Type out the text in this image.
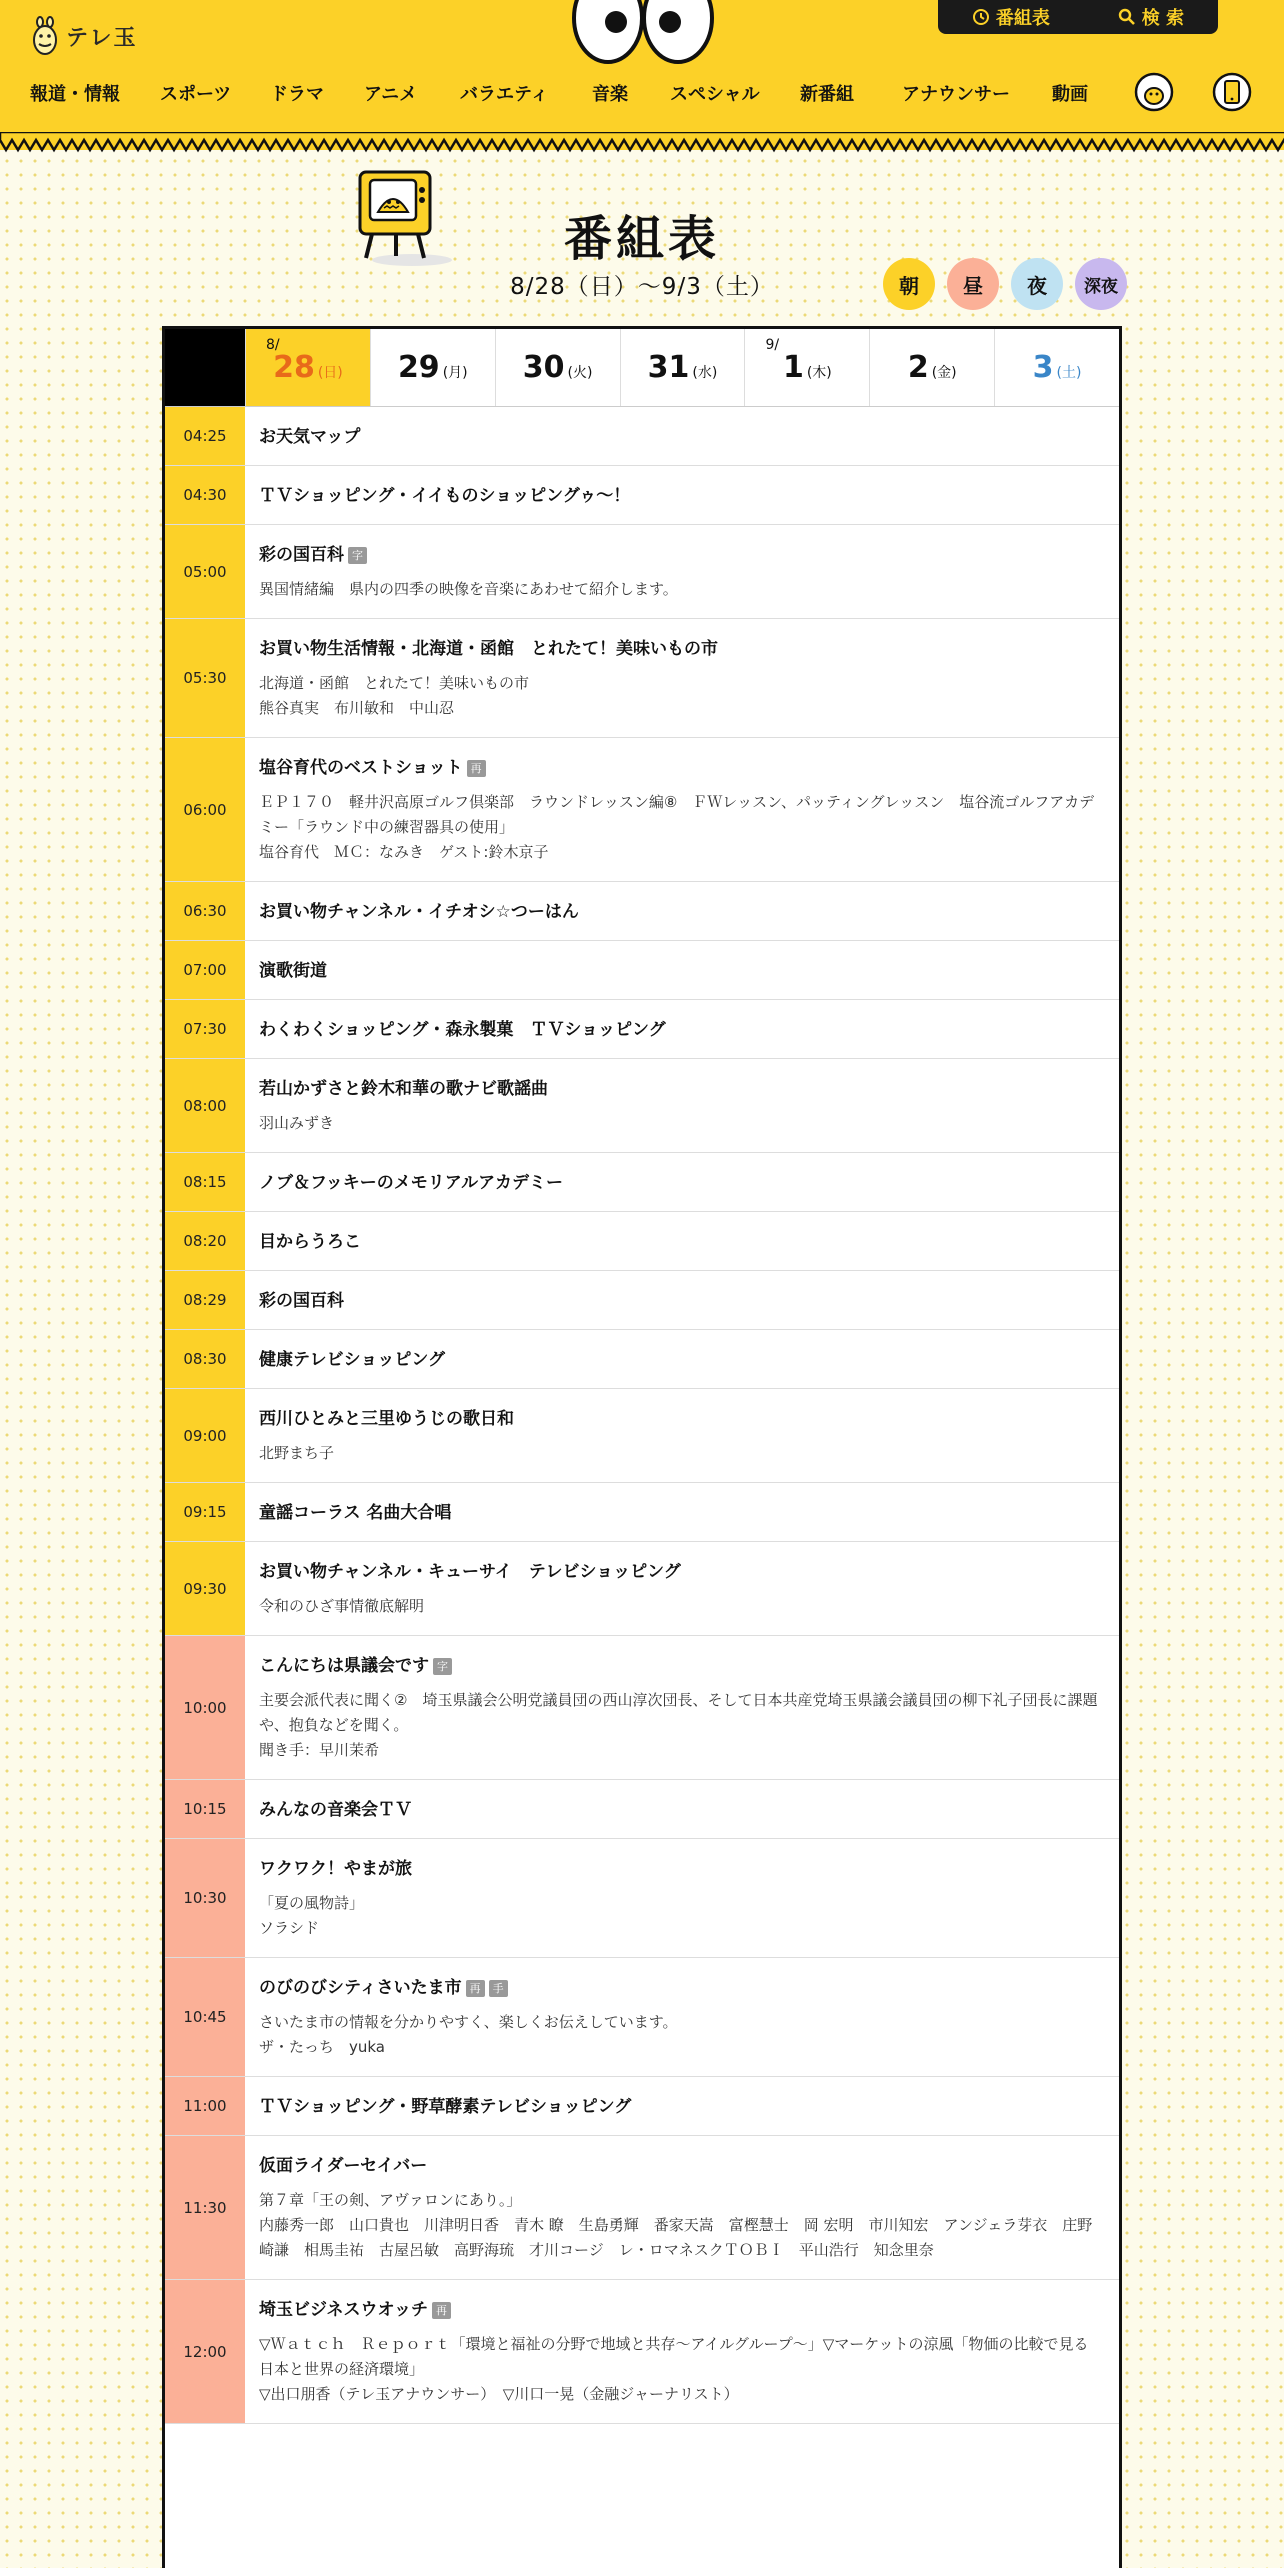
テレ玉
番組表	検 索
報道・情報	スポーツ	ドラマ	アニメ	バラエティ	音楽	スペシャル	新番組	アナウンサー	動画
番組表
8/28（日）〜9/3（土）	朝	昼	夜	深夜
8/
28 (日) 29 (月) 30 (火) 31 (水)
9/
1 (木)	2 (金)	3 (土)
04:25	お天気マップ
04:30	ＴＶショッピング・イイものショッピングゥ～！
05:00
彩の国百科 字
異国情緒編　県内の四季の映像を音楽にあわせて紹介します。
05:30
お買い物生活情報・北海道・函館　とれたて！美味いもの市
北海道・函館　とれたて！美味いもの市
熊谷真実　布川敏和　中山忍
06:00
塩谷育代のベストショット 再
ＥＰ１７０　軽井沢高原ゴルフ倶楽部　ラウンドレッスン編⑧　ＦＷレッスン、パッティングレッスン　塩谷流ゴルフアカデミー「ラウンド中の練習器具の使用」
塩谷育代　ＭＣ：なみき　ゲスト:鈴木京子
06:30	お買い物チャンネル・イチオシ☆つーはん
07:00	演歌街道
07:30	わくわくショッピング・森永製菓　ＴＶショッピング
08:00
若山かずさと鈴木和華の歌ナビ歌謡曲
羽山みずき
08:15	ノブ＆フッキーのメモリアルアカデミー
08:20	目からうろこ
08:29	彩の国百科
08:30	健康テレビショッピング
09:00
西川ひとみと三里ゆうじの歌日和
北野まち子
09:15	童謡コーラス 名曲大合唱
09:30
お買い物チャンネル・キューサイ　テレビショッピング
令和のひざ事情徹底解明
10:00
こんにちは県議会です 字
主要会派代表に聞く②　埼玉県議会公明党議員団の西山淳次団長、そして日本共産党埼玉県議会議員団の柳下礼子団長に課題や、抱負などを聞く。
聞き手：早川茉希
10:15	みんなの音楽会ＴＶ
10:30
ワクワク！やまが旅
「夏の風物詩」
ソラシド
10:45
のびのびシティさいたま市 再	手
さいたま市の情報を分かりやすく、楽しくお伝えしています。
ザ・たっち　yuka
11:00	ＴＶショッピング・野草酵素テレビショッピング
11:30
仮面ライダーセイバー
第７章「王の剣、アヴァロンにあり。」
内藤秀一郎　山口貴也　川津明日香　青木 瞭　生島勇輝　番家天嵩　富樫慧士　岡 宏明　市川知宏　アンジェラ芽衣　庄野崎謙　相馬圭祐　古屋呂敏　高野海琉　才川コージ　レ・ロマネスクＴＯＢＩ　平山浩行　知念里奈
12:00
埼玉ビジネスウオッチ 再
▽Ｗａｔｃｈ　Ｒｅｐｏｒｔ「環境と福祉の分野で地域と共存～アイルグループ～」▽マーケットの涼風「物価の比較で見る日本と世界の経済環境」
▽出口朋香（テレ玉アナウンサー）　▽川口一晃（金融ジャーナリスト）
